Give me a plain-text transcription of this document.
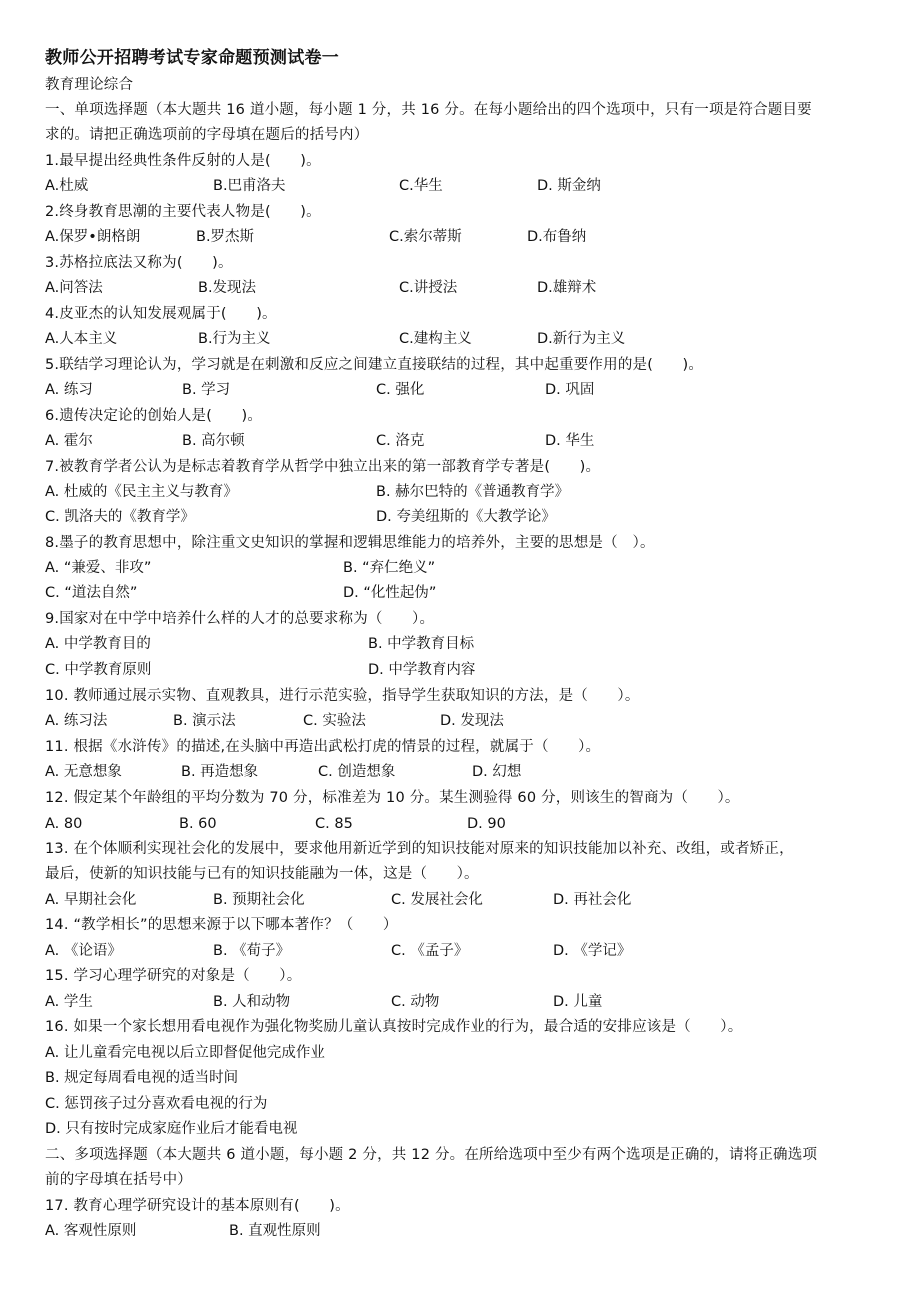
教师公开招聘考试专家命题预测试卷一
教育理论综合
一、单项选择题（本大题共 16 道小题，每小题 1 分，共 16 分。在每小题给出的四个选项中，只有一项是符合题目要
求的。请把正确选项前的字母填在题后的括号内）
1.最早提出经典性条件反射的人是(　　)。
A.杜威	B.巴甫洛夫	C.华生	D. 斯金纳
2.终身教育思潮的主要代表人物是(　　)。
A.保罗•朗格朗	B.罗杰斯	C.索尔蒂斯	D.布鲁纳
3.苏格拉底法又称为(　　)。
A.问答法	B.发现法	C.讲授法	D.雄辩术
4.皮亚杰的认知发展观属于(　　)。
A.人本主义	B.行为主义	C.建构主义	D.新行为主义
5.联结学习理论认为，学习就是在刺激和反应之间建立直接联结的过程，其中起重要作用的是(　　)。
A. 练习	B. 学习	C. 强化	D. 巩固
6.遗传决定论的创始人是(　　)。
A. 霍尔	B. 高尔顿	C. 洛克	D. 华生
7.被教育学者公认为是标志着教育学从哲学中独立出来的第一部教育学专著是(　　)。
A. 杜威的《民主主义与教育》	B. 赫尔巴特的《普通教育学》
C. 凯洛夫的《教育学》	D. 夸美纽斯的《大教学论》
8.墨子的教育思想中，除注重文史知识的掌握和逻辑思维能力的培养外，主要的思想是（　）。
A. “兼爱、非攻”	B. “弃仁绝义”
C. “道法自然”	D. “化性起伪”
9.国家对在中学中培养什么样的人才的总要求称为（　　）。
A. 中学教育目的	B. 中学教育目标
C. 中学教育原则	D. 中学教育内容
10. 教师通过展示实物、直观教具，进行示范实验，指导学生获取知识的方法，是（　　）。
A. 练习法	B. 演示法	C. 实验法	D. 发现法
11. 根据《水浒传》的描述,在头脑中再造出武松打虎的情景的过程，就属于（　　）。
A. 无意想象	B. 再造想象	C. 创造想象	D. 幻想
12. 假定某个年龄组的平均分数为 70 分，标准差为 10 分。某生测验得 60 分，则该生的智商为（　　）。
A. 80	B. 60	C. 85	D. 90
13. 在个体顺利实现社会化的发展中，要求他用新近学到的知识技能对原来的知识技能加以补充、改组，或者矫正，
最后，使新的知识技能与已有的知识技能融为一体，这是（　　）。
A. 早期社会化	B. 预期社会化	C. 发展社会化	D. 再社会化
14. “教学相长”的思想来源于以下哪本著作？（　　）
A. 《论语》	B. 《荀子》	C. 《孟子》	D. 《学记》
15. 学习心理学研究的对象是（　　）。
A. 学生	B. 人和动物	C. 动物	D. 儿童
16. 如果一个家长想用看电视作为强化物奖励儿童认真按时完成作业的行为，最合适的安排应该是（　　）。
A. 让儿童看完电视以后立即督促他完成作业
B. 规定每周看电视的适当时间
C. 惩罚孩子过分喜欢看电视的行为
D. 只有按时完成家庭作业后才能看电视
二、多项选择题（本大题共 6 道小题，每小题 2 分，共 12 分。在所给选项中至少有两个选项是正确的，请将正确选项
前的字母填在括号中）
17. 教育心理学研究设计的基本原则有(　　)。
A. 客观性原则	B. 直观性原则
